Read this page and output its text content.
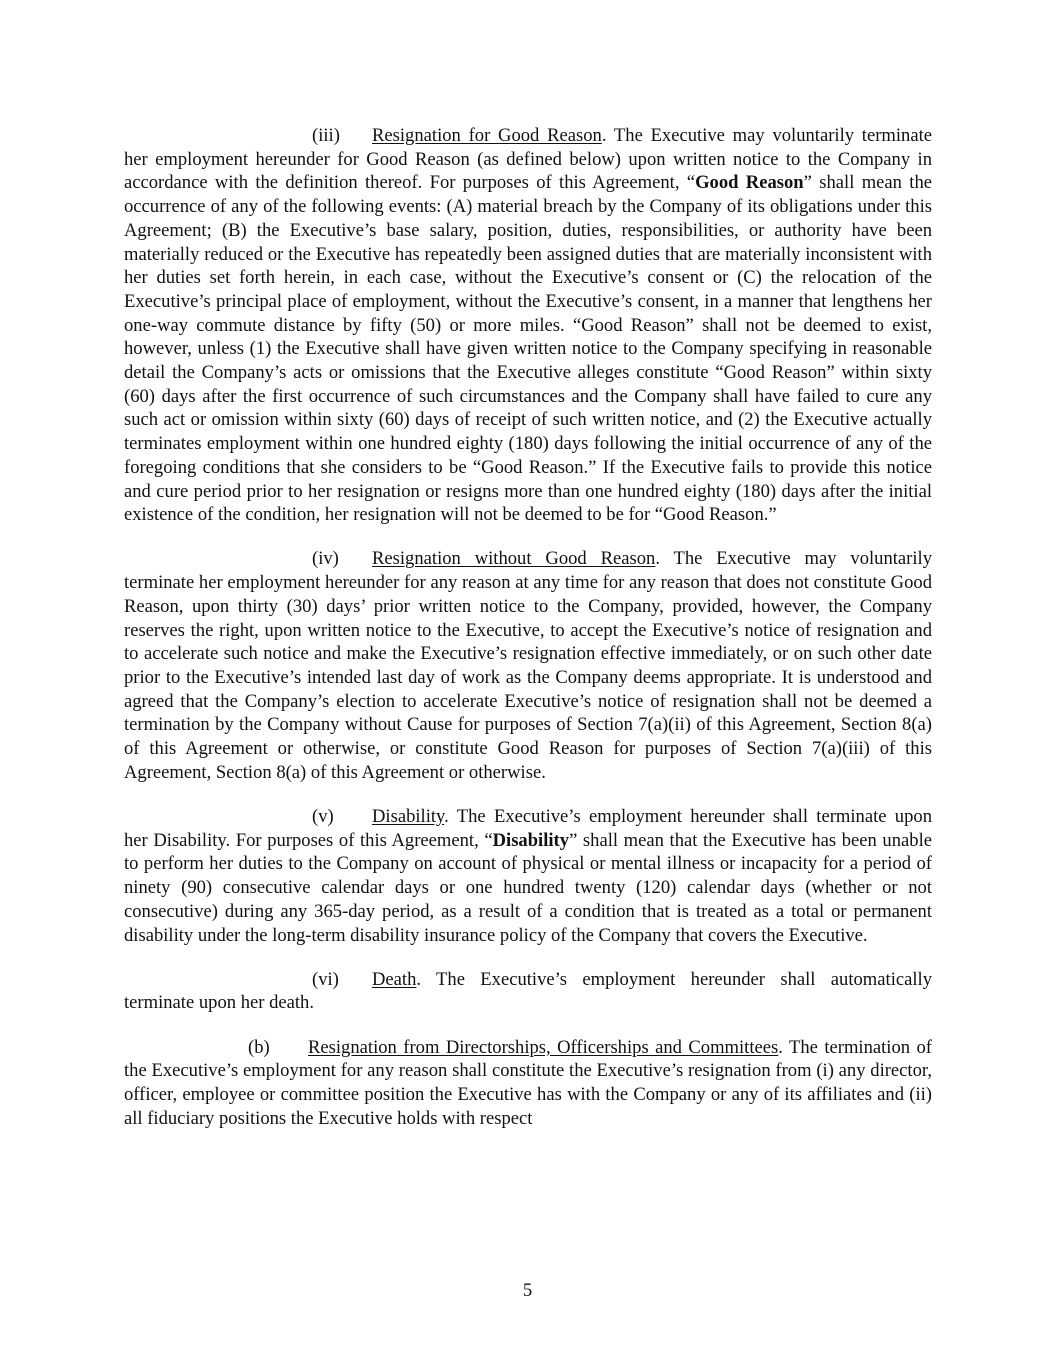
(iii) Resignation for Good Reason. The Executive may voluntarily terminate her employment hereunder for Good Reason (as defined below) upon written notice to the Company in accordance with the definition thereof. For purposes of this Agreement, “Good Reason” shall mean the occurrence of any of the following events: (A) material breach by the Company of its obligations under this Agreement; (B) the Executive’s base salary, position, duties, responsibilities, or authority have been materially reduced or the Executive has repeatedly been assigned duties that are materially inconsistent with her duties set forth herein, in each case, without the Executive’s consent or (C) the relocation of the Executive’s principal place of employment, without the Executive’s consent, in a manner that lengthens her one-way commute distance by fifty (50) or more miles. “Good Reason” shall not be deemed to exist, however, unless (1) the Executive shall have given written notice to the Company specifying in reasonable detail the Company’s acts or omissions that the Executive alleges constitute “Good Reason” within sixty (60) days after the first occurrence of such circumstances and the Company shall have failed to cure any such act or omission within sixty (60) days of receipt of such written notice, and (2) the Executive actually terminates employment within one hundred eighty (180) days following the initial occurrence of any of the foregoing conditions that she considers to be “Good Reason.” If the Executive fails to provide this notice and cure period prior to her resignation or resigns more than one hundred eighty (180) days after the initial existence of the condition, her resignation will not be deemed to be for “Good Reason.”

(iv) Resignation without Good Reason. The Executive may voluntarily terminate her employment hereunder for any reason at any time for any reason that does not constitute Good Reason, upon thirty (30) days’ prior written notice to the Company, provided, however, the Company reserves the right, upon written notice to the Executive, to accept the Executive’s notice of resignation and to accelerate such notice and make the Executive’s resignation effective immediately, or on such other date prior to the Executive’s intended last day of work as the Company deems appropriate. It is understood and agreed that the Company’s election to accelerate Executive’s notice of resignation shall not be deemed a termination by the Company without Cause for purposes of Section 7(a)(ii) of this Agreement, Section 8(a) of this Agreement or otherwise, or constitute Good Reason for purposes of Section 7(a)(iii) of this Agreement, Section 8(a) of this Agreement or otherwise.

(v) Disability. The Executive’s employment hereunder shall terminate upon her Disability. For purposes of this Agreement, “Disability” shall mean that the Executive has been unable to perform her duties to the Company on account of physical or mental illness or incapacity for a period of ninety (90) consecutive calendar days or one hundred twenty (120) calendar days (whether or not consecutive) during any 365-day period, as a result of a condition that is treated as a total or permanent disability under the long-term disability insurance policy of the Company that covers the Executive.

(vi) Death. The Executive’s employment hereunder shall automatically terminate upon her death.

(b) Resignation from Directorships, Officerships and Committees. The termination of the Executive’s employment for any reason shall constitute the Executive’s resignation from (i) any director, officer, employee or committee position the Executive has with the Company or any of its affiliates and (ii) all fiduciary positions the Executive holds with respect

5
